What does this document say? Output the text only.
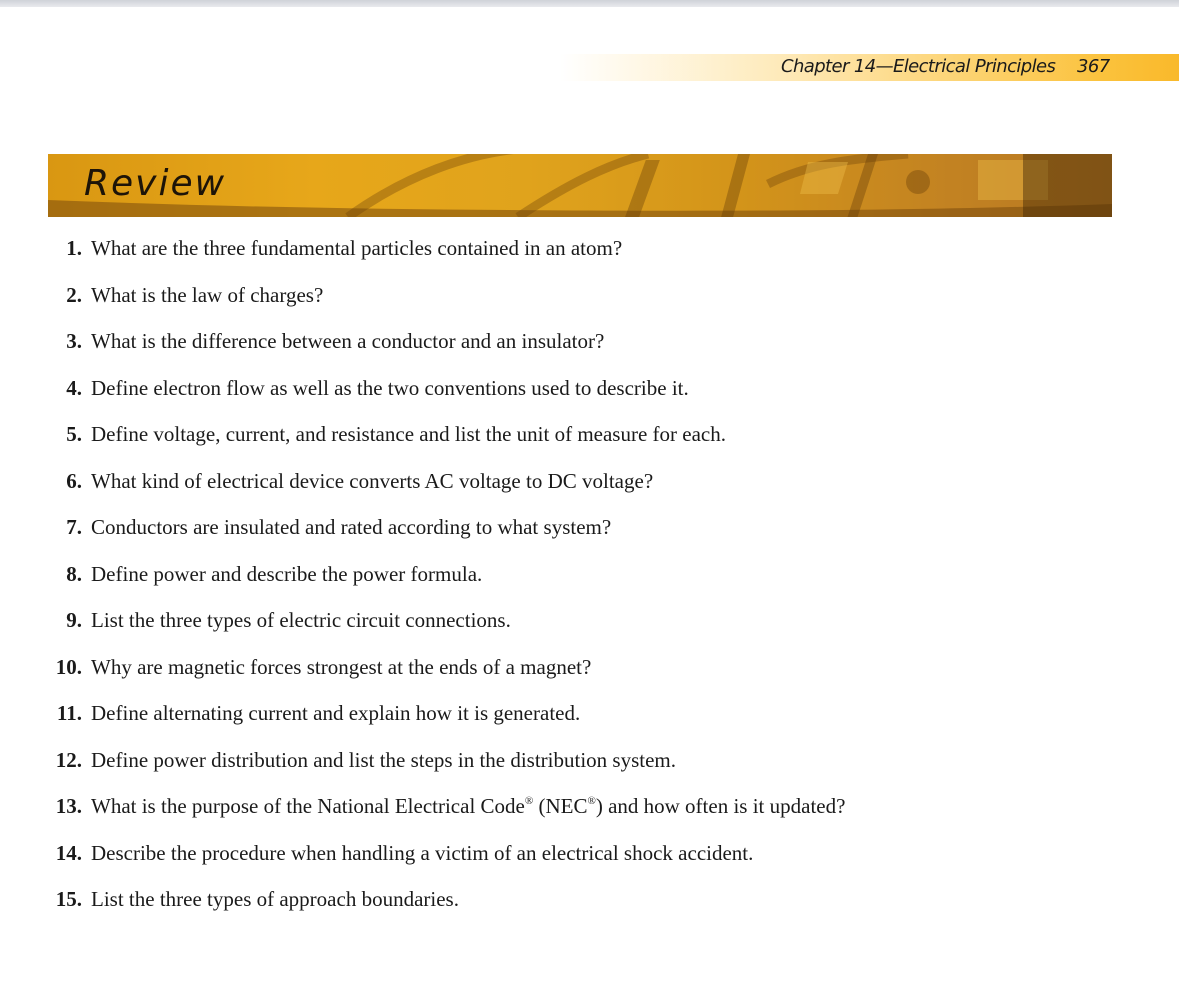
Chapter 14—Electrical Principles 367
Review
1. What are the three fundamental particles contained in an atom?
2. What is the law of charges?
3. What is the difference between a conductor and an insulator?
4. Define electron flow as well as the two conventions used to describe it.
5. Define voltage, current, and resistance and list the unit of measure for each.
6. What kind of electrical device converts AC voltage to DC voltage?
7. Conductors are insulated and rated according to what system?
8. Define power and describe the power formula.
9. List the three types of electric circuit connections.
10. Why are magnetic forces strongest at the ends of a magnet?
11. Define alternating current and explain how it is generated.
12. Define power distribution and list the steps in the distribution system.
13. What is the purpose of the National Electrical Code® (NEC®) and how often is it updated?
14. Describe the procedure when handling a victim of an electrical shock accident.
15. List the three types of approach boundaries.
